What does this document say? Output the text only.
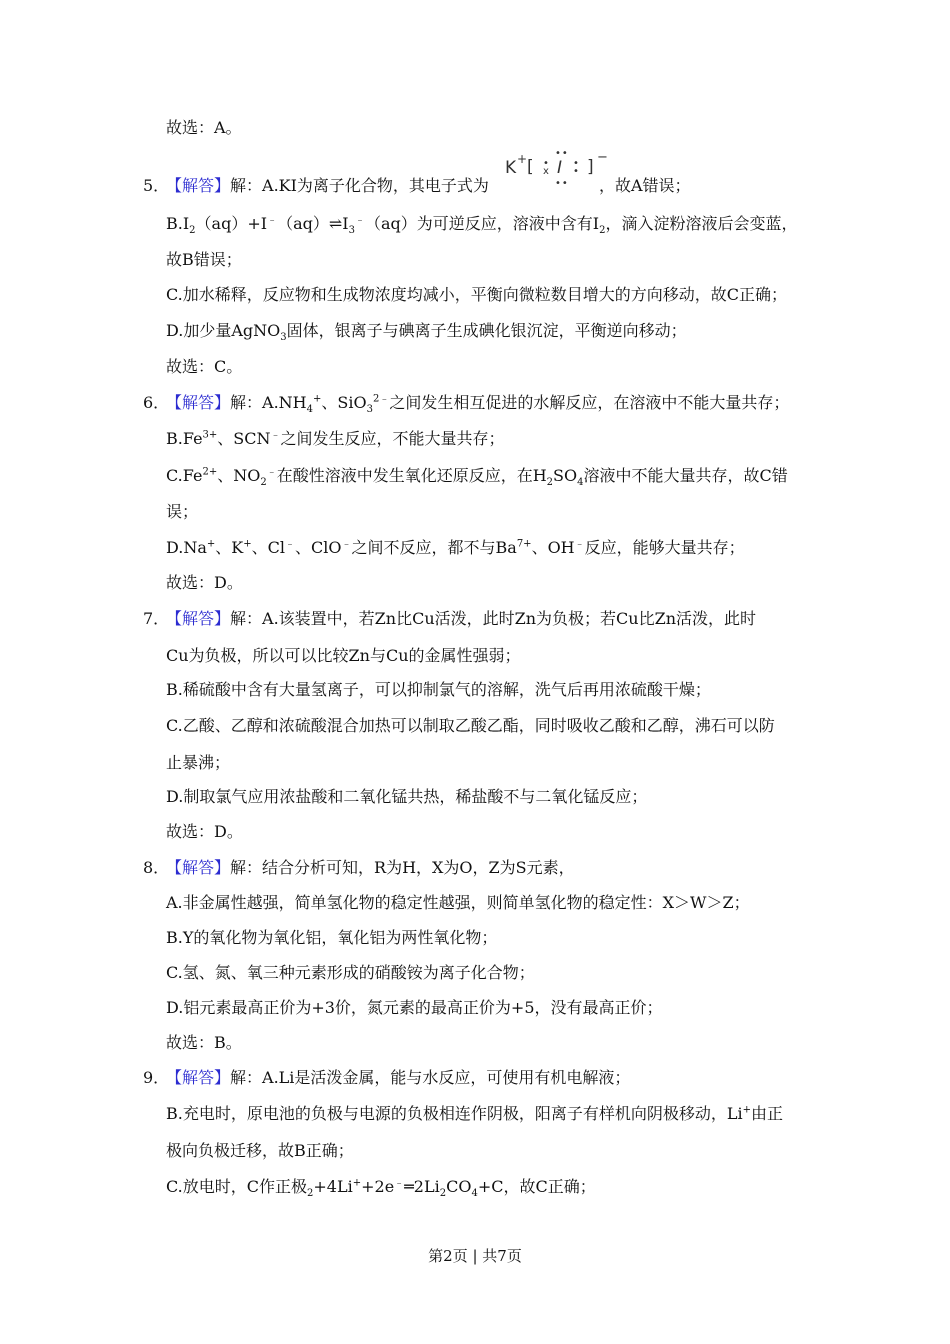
故选：A。
5．
【解答】解：A.KI为离子化合物，其电子式为	，故A错误；
$B.I_2(aq)+I^﹣(aq)\rightleftharpoons I_3^﹣(aq)$为可逆反应，溶液中含有$I_2$，滴入淀粉溶液后会变蓝，
故B错误；
C.加水稀释，反应物和生成物浓度均减小，平衡向微粒数目增大的方向移动，故C正确；
D.加少量AgNO$_3$固体，银离子与碘离子生成碘化银沉淀，平衡逆向移动；
故选：C。
6．
【解答】解：$A.NH_4^+$、SiO$_3^{2﹣}$之间发生相互促进的水解反应，在溶液中不能大量共存；
$B.Fe^{3+}$、SCN﹣之间发生反应，不能大量共存；
$C.Fe^{2+}$、$NO_2^﹣$在酸性溶液中发生氧化还原反应，在$H_2SO_4$溶液中不能大量共存，故C错
误；
D.Na+、K+、Cl﹣、ClO﹣之间不反应，都不与$Ba^{7+}$、OH﹣反应，能够大量共存；
故选：D。
7．
【解答】解：A.该装置中，若Zn比Cu活泼，此时Zn为负极；若Cu比Zn活泼，此时
Cu为负极，所以可以比较Zn与Cu的金属性强弱；
B.稀硫酸中含有大量氢离子，可以抑制氯气的溶解，洗气后再用浓硫酸干燥；
C.乙酸、乙醇和浓硫酸混合加热可以制取乙酸乙酯，同时吸收乙酸和乙醇，沸石可以防
止暴沸；
D.制取氯气应用浓盐酸和二氧化锰共热，稀盐酸不与二氧化锰反应；
故选：D。
8．
【解答】解：结合分析可知，R为H，X为O，Z为S元素，
A.非金属性越强，简单氢化物的稳定性越强，则简单氢化物的稳定性：X＞W＞Z；
B.Y的氧化物为氧化铝，氧化铝为两性氧化物；
C.氢、氮、氧三种元素形成的硝酸铵为离子化合物；
D.铝元素最高正价为+3价，氮元素的最高正价为+5，没有最高正价；
故选：B。
9．
【解答】解：A.Li是活泼金属，能与水反应，可使用有机电解液；
B.充电时，原电池的负极与电源的负极相连作阴极，阳离子有样机向阴极移动，Li+由正
极向负极迁移，故B正确；
C.放电时，C作正极$_2+4Li^++2e^﹣═2Li_2CO_4+C$，故C正确；
K + [
••
•
x I •
•
••
] −
第2页 | 共7页
